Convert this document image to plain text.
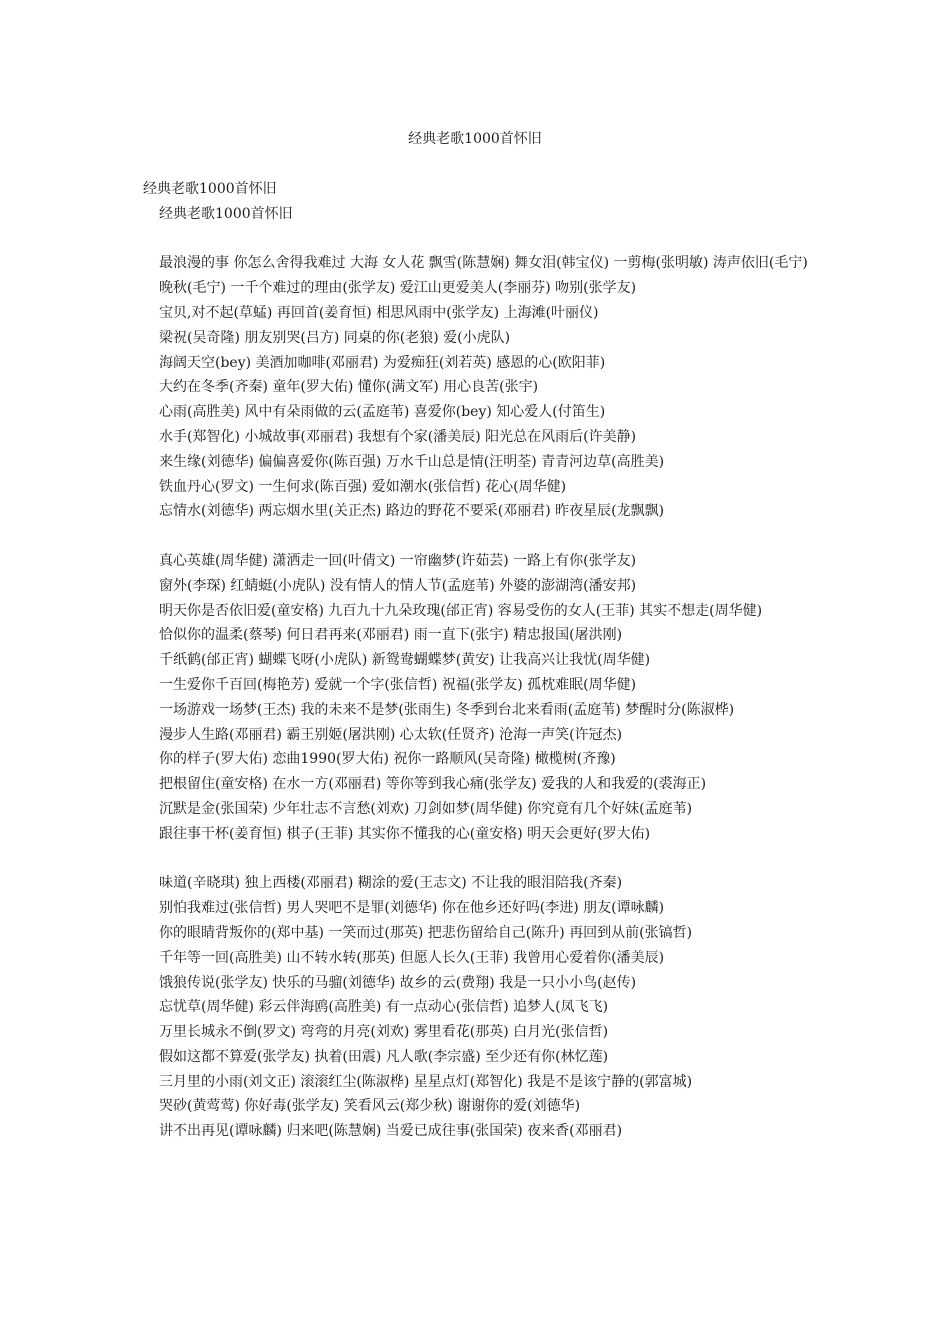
经典老歌1000首怀旧
经典老歌1000首怀旧
经典老歌1000首怀旧
最浪漫的事 你怎么舍得我难过 大海 女人花 飘雪(陈慧娴) 舞女泪(韩宝仪) 一剪梅(张明敏) 涛声依旧(毛宁)
晚秋(毛宁) 一千个难过的理由(张学友) 爱江山更爱美人(李丽芬) 吻别(张学友)
宝贝,对不起(草蜢) 再回首(姜育恒) 相思风雨中(张学友) 上海滩(叶丽仪)
梁祝(吴奇隆) 朋友别哭(吕方) 同桌的你(老狼) 爱(小虎队)
海阔天空(bey) 美酒加咖啡(邓丽君) 为爱痴狂(刘若英) 感恩的心(欧阳菲)
大约在冬季(齐秦) 童年(罗大佑) 懂你(满文军) 用心良苦(张宇)
心雨(高胜美) 风中有朵雨做的云(孟庭苇) 喜爱你(bey) 知心爱人(付笛生)
水手(郑智化) 小城故事(邓丽君) 我想有个家(潘美辰) 阳光总在风雨后(许美静)
来生缘(刘德华) 偏偏喜爱你(陈百强) 万水千山总是情(汪明荃) 青青河边草(高胜美)
铁血丹心(罗文) 一生何求(陈百强) 爱如潮水(张信哲) 花心(周华健)
忘情水(刘德华) 两忘烟水里(关正杰) 路边的野花不要采(邓丽君) 昨夜星辰(龙飘飘)
真心英雄(周华健) 潇洒走一回(叶倩文) 一帘幽梦(许茹芸) 一路上有你(张学友)
窗外(李琛) 红蜻蜓(小虎队) 没有情人的情人节(孟庭苇) 外婆的澎湖湾(潘安邦)
明天你是否依旧爱(童安格) 九百九十九朵玫瑰(邰正宵) 容易受伤的女人(王菲) 其实不想走(周华健)
恰似你的温柔(蔡琴) 何日君再来(邓丽君) 雨一直下(张宇) 精忠报国(屠洪刚)
千纸鹤(邰正宵) 蝴蝶飞呀(小虎队) 新鸳鸯蝴蝶梦(黄安) 让我高兴让我忧(周华健)
一生爱你千百回(梅艳芳) 爱就一个字(张信哲) 祝福(张学友) 孤枕难眠(周华健)
一场游戏一场梦(王杰) 我的未来不是梦(张雨生) 冬季到台北来看雨(孟庭苇) 梦醒时分(陈淑桦)
漫步人生路(邓丽君) 霸王别姬(屠洪刚) 心太软(任贤齐) 沧海一声笑(许冠杰)
你的样子(罗大佑) 恋曲1990(罗大佑) 祝你一路顺风(吴奇隆) 橄榄树(齐豫)
把根留住(童安格) 在水一方(邓丽君) 等你等到我心痛(张学友) 爱我的人和我爱的(裘海正)
沉默是金(张国荣) 少年壮志不言愁(刘欢) 刀剑如梦(周华健) 你究竟有几个好妹(孟庭苇)
跟往事干杯(姜育恒) 棋子(王菲) 其实你不懂我的心(童安格) 明天会更好(罗大佑)
味道(辛晓琪) 独上西楼(邓丽君) 糊涂的爱(王志文) 不让我的眼泪陪我(齐秦)
别怕我难过(张信哲) 男人哭吧不是罪(刘德华) 你在他乡还好吗(李进) 朋友(谭咏麟)
你的眼睛背叛你的(郑中基) 一笑而过(那英) 把悲伤留给自己(陈升) 再回到从前(张镐哲)
千年等一回(高胜美) 山不转水转(那英) 但愿人长久(王菲) 我曾用心爱着你(潘美辰)
饿狼传说(张学友) 快乐的马骝(刘德华) 故乡的云(费翔) 我是一只小小鸟(赵传)
忘忧草(周华健) 彩云伴海鸥(高胜美) 有一点动心(张信哲) 追梦人(凤飞飞)
万里长城永不倒(罗文) 弯弯的月亮(刘欢) 雾里看花(那英) 白月光(张信哲)
假如这都不算爱(张学友) 执着(田震) 凡人歌(李宗盛) 至少还有你(林忆莲)
三月里的小雨(刘文正) 滚滚红尘(陈淑桦) 星星点灯(郑智化) 我是不是该宁静的(郭富城)
哭砂(黄莺莺) 你好毒(张学友) 笑看风云(郑少秋) 谢谢你的爱(刘德华)
讲不出再见(谭咏麟) 归来吧(陈慧娴) 当爱已成往事(张国荣) 夜来香(邓丽君)
